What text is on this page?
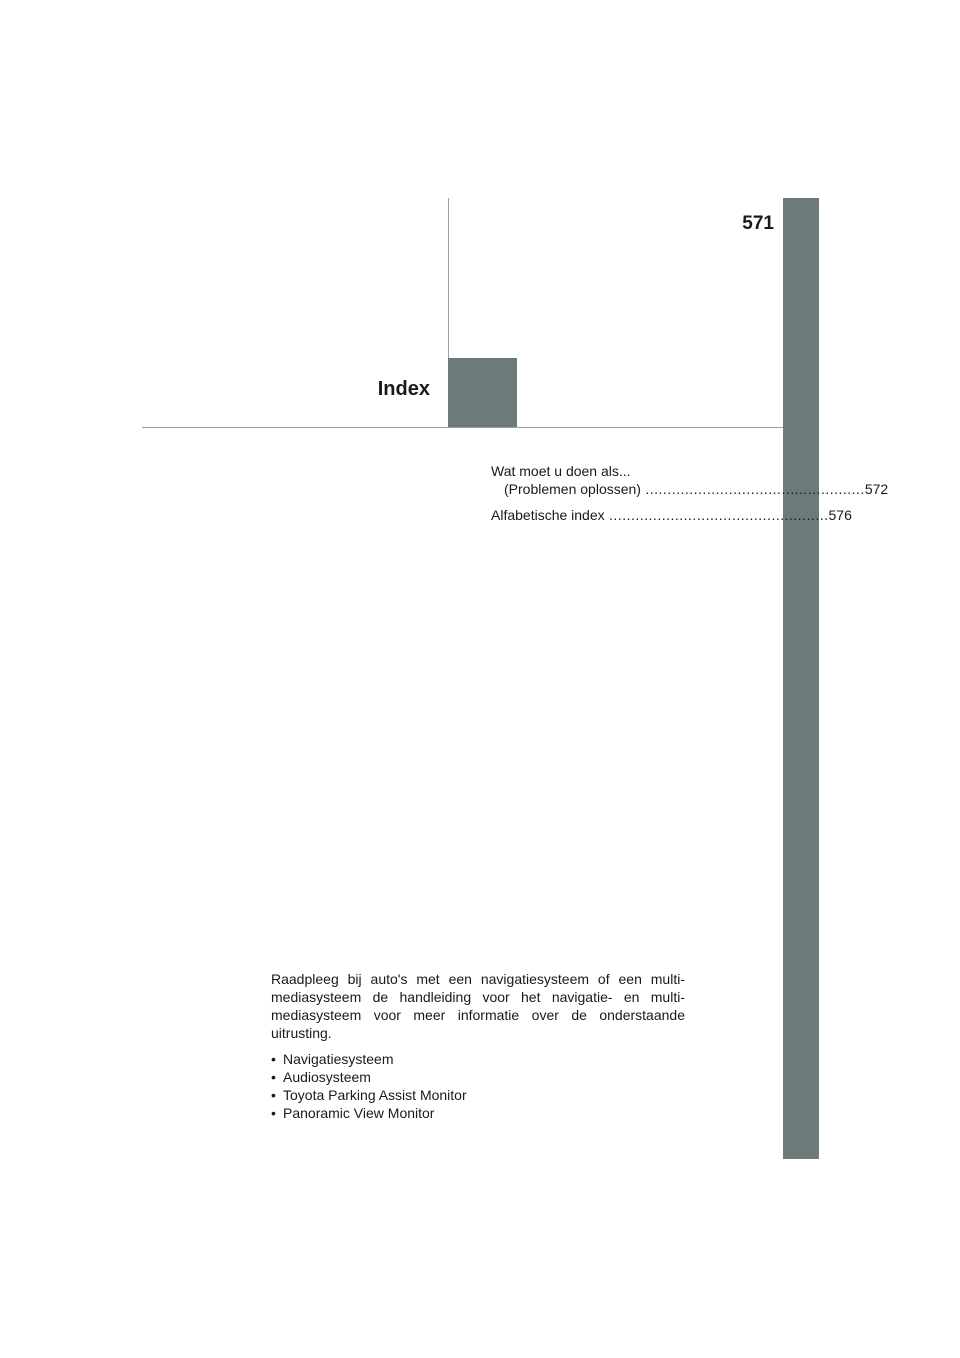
571
Index
Wat moet u doen als...
(Problemen oplossen) .................................................. 572
Alfabetische index .................................................. 576

Raadpleeg bij auto's met een navigatiesysteem of een multi-mediasysteem de handleiding voor het navigatie- en multi-mediasysteem voor meer informatie over de onderstaande uitrusting.

• Navigatiesysteem
• Audiosysteem
• Toyota Parking Assist Monitor
• Panoramic View Monitor
